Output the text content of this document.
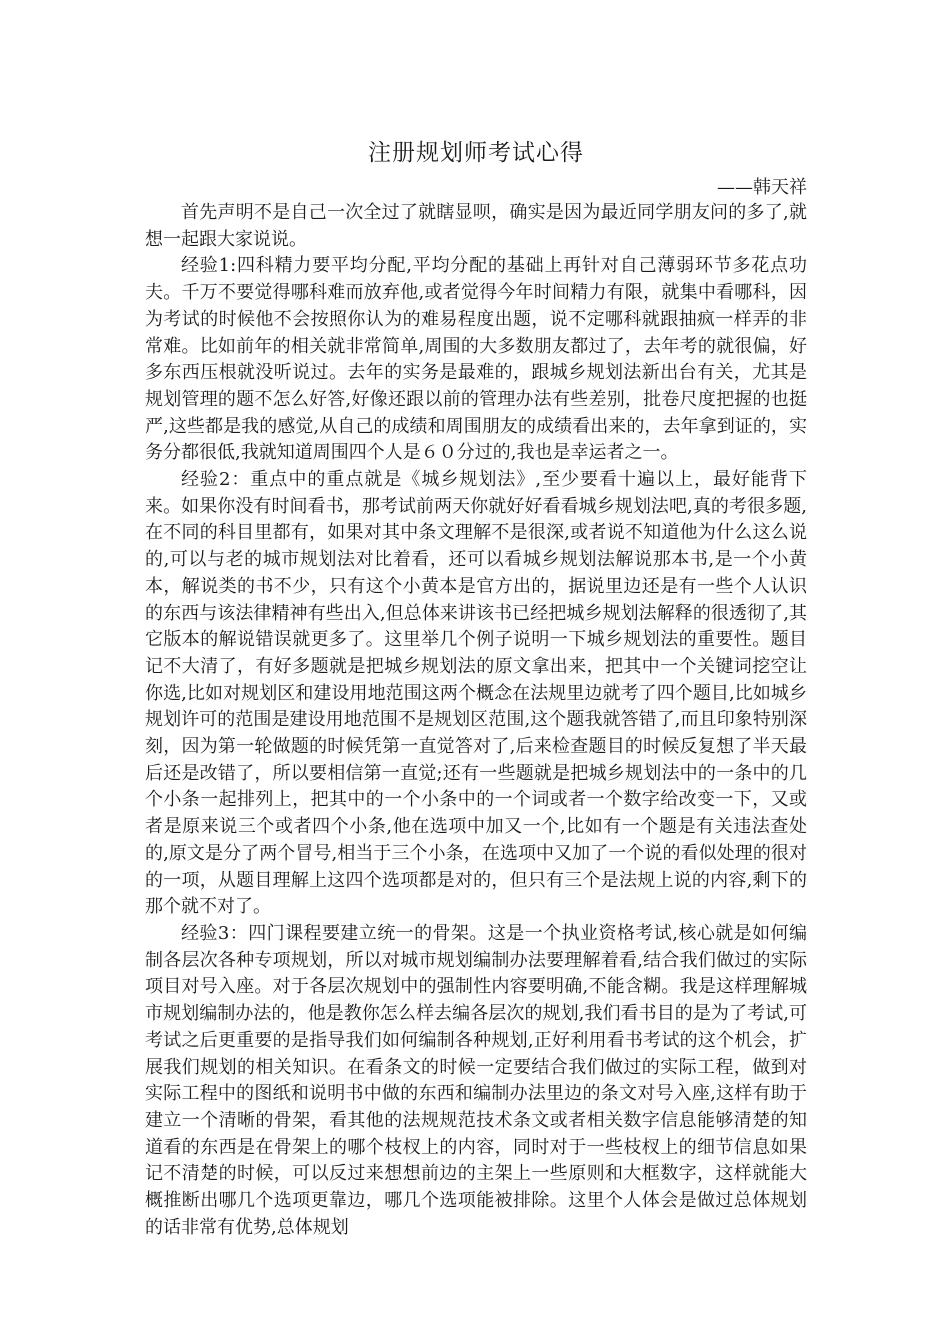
注册规划师考试心得

——韩天祥

首先声明不是自己一次全过了就瞎显呗，确实是因为最近同学朋友问的多了,就想一起跟大家说说。

经验1:四科精力要平均分配,平均分配的基础上再针对自己薄弱环节多花点功夫。千万不要觉得哪科难而放弃他,或者觉得今年时间精力有限，就集中看哪科，因为考试的时候他不会按照你认为的难易程度出题，说不定哪科就跟抽疯一样弄的非常难。比如前年的相关就非常简单,周围的大多数朋友都过了，去年考的就很偏，好多东西压根就没听说过。去年的实务是最难的，跟城乡规划法新出台有关，尤其是规划管理的题不怎么好答,好像还跟以前的管理办法有些差别，批卷尺度把握的也挺严,这些都是我的感觉,从自己的成绩和周围朋友的成绩看出来的，去年拿到证的，实务分都很低,我就知道周围四个人是６０分过的,我也是幸运者之一。

经验2：重点中的重点就是《城乡规划法》,至少要看十遍以上，最好能背下来。如果你没有时间看书，那考试前两天你就好好看看城乡规划法吧,真的考很多题,在不同的科目里都有，如果对其中条文理解不是很深,或者说不知道他为什么这么说的,可以与老的城市规划法对比着看，还可以看城乡规划法解说那本书,是一个小黄本，解说类的书不少，只有这个小黄本是官方出的，据说里边还是有一些个人认识的东西与该法律精神有些出入,但总体来讲该书已经把城乡规划法解释的很透彻了,其它版本的解说错误就更多了。这里举几个例子说明一下城乡规划法的重要性。题目记不大清了，有好多题就是把城乡规划法的原文拿出来，把其中一个关键词挖空让你选,比如对规划区和建设用地范围这两个概念在法规里边就考了四个题目,比如城乡规划许可的范围是建设用地范围不是规划区范围,这个题我就答错了,而且印象特别深刻，因为第一轮做题的时候凭第一直觉答对了,后来检查题目的时候反复想了半天最后还是改错了，所以要相信第一直觉;还有一些题就是把城乡规划法中的一条中的几个小条一起排列上，把其中的一个小条中的一个词或者一个数字给改变一下，又或者是原来说三个或者四个小条,他在选项中加又一个,比如有一个题是有关违法查处的,原文是分了两个冒号,相当于三个小条，在选项中又加了一个说的看似处理的很对的一项，从题目理解上这四个选项都是对的，但只有三个是法规上说的内容,剩下的那个就不对了。

经验3：四门课程要建立统一的骨架。这是一个执业资格考试,核心就是如何编制各层次各种专项规划，所以对城市规划编制办法要理解着看,结合我们做过的实际项目对号入座。对于各层次规划中的强制性内容要明确,不能含糊。我是这样理解城市规划编制办法的，他是教你怎么样去编各层次的规划,我们看书目的是为了考试,可考试之后更重要的是指导我们如何编制各种规划,正好利用看书考试的这个机会，扩展我们规划的相关知识。在看条文的时候一定要结合我们做过的实际工程，做到对实际工程中的图纸和说明书中做的东西和编制办法里边的条文对号入座,这样有助于建立一个清晰的骨架，看其他的法规规范技术条文或者相关数字信息能够清楚的知道看的东西是在骨架上的哪个枝杈上的内容，同时对于一些枝杈上的细节信息如果记不清楚的时候，可以反过来想想前边的主架上一些原则和大框数字，这样就能大概推断出哪几个选项更靠边，哪几个选项能被排除。这里个人体会是做过总体规划的话非常有优势,总体规划
